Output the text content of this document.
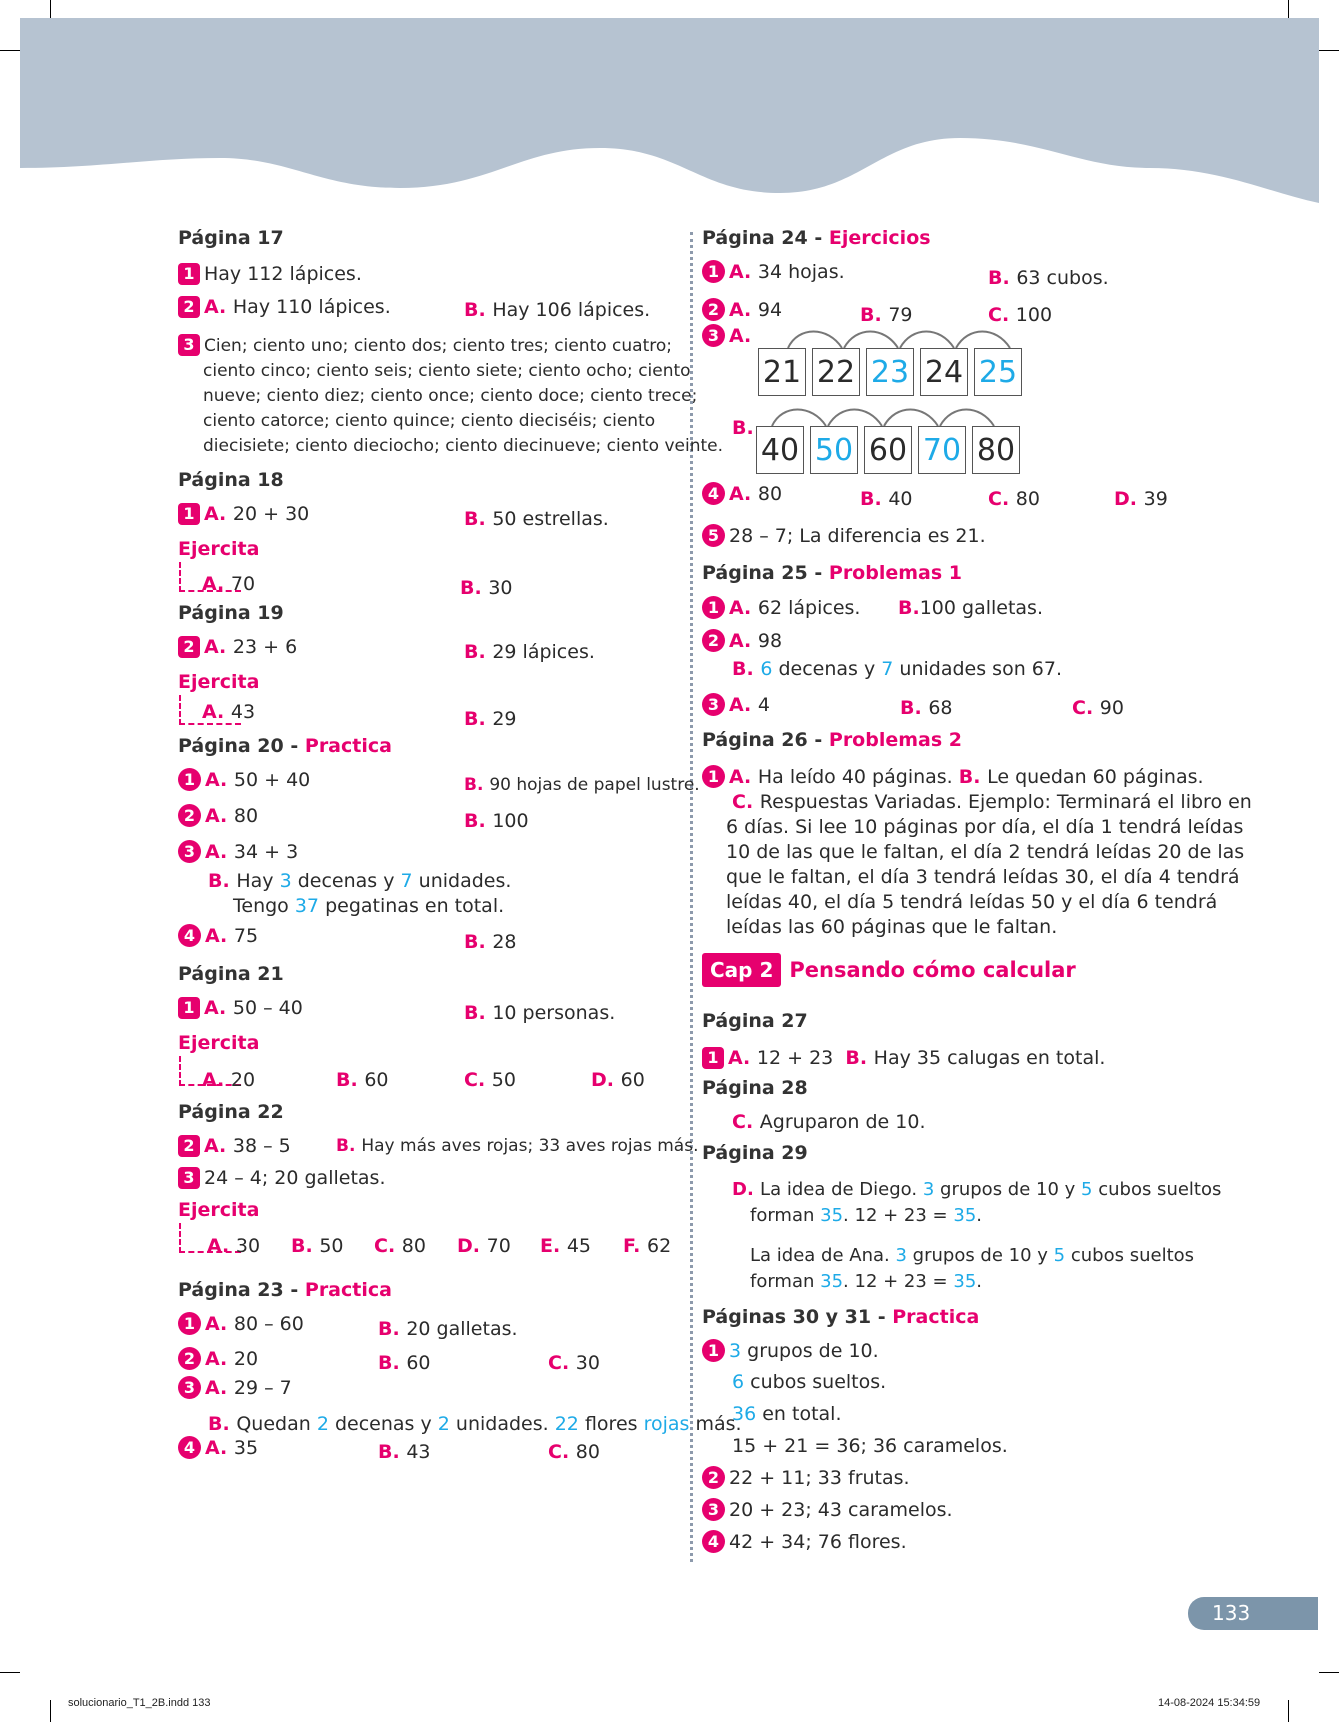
Página 17
1 Hay 112 lápices.
2 A. Hay 110 lápices.	B. Hay 106 lápices.
3 Cien; ciento uno; ciento dos; ciento tres; ciento cuatro;
ciento cinco; ciento seis; ciento siete; ciento ocho; ciento
nueve; ciento diez; ciento once; ciento doce; ciento trece;
ciento catorce; ciento quince; ciento dieciséis; ciento
diecisiete; ciento dieciocho; ciento diecinueve; ciento veinte.
Página 18
1 A. 20 + 30	B. 50 estrellas.
Ejercita
A. 70	B. 30
Página 19
2 A. 23 + 6	B. 29 lápices.
Ejercita
A. 43	B. 29
Página 20 - Practica
1 A. 50 + 40	B. 90 hojas de papel lustre.
2 A. 80	B. 100
3 A. 34 + 3
B. Hay 3 decenas y 7 unidades.
Tengo 37 pegatinas en total.
4 A. 75	B. 28
Página 21
1 A. 50 – 40	B. 10 personas.
Ejercita
A. 20	B. 60	C. 50	D. 60
Página 22
2 A. 38 – 5	B. Hay más aves rojas; 33 aves rojas más.
3 24 – 4; 20 galletas.
Ejercita
A. 30 B. 50 C. 80 D. 70 E. 45 F. 62
Página 23 - Practica
1 A. 80 – 60	B. 20 galletas.
2 A. 20	B. 60	C. 30
3 A. 29 – 7
B. Quedan 2 decenas y 2 unidades. 22 flores rojas más.
4 A. 35	B. 43	C. 80
Página 24 - Ejercicios
1 A. 34 hojas.	B. 63 cubos.
2 A. 94	B. 79	C. 100
3 A.
21 22 23 24 25
B.
40 50 60 70 80
4 A. 80	B. 40	C. 80	D. 39
5 28 – 7; La diferencia es 21.
Página 25 - Problemas 1
1 A. 62 lápices. B.100 galletas.
2 A. 98
B. 6 decenas y 7 unidades son 67.
3 A. 4	B. 68	C. 90
Página 26 - Problemas 2
1 A. Ha leído 40 páginas. B. Le quedan 60 páginas.
C. Respuestas Variadas. Ejemplo: Terminará el libro en
6 días. Si lee 10 páginas por día, el día 1 tendrá leídas
10 de las que le faltan, el día 2 tendrá leídas 20 de las
que le faltan, el día 3 tendrá leídas 30, el día 4 tendrá
leídas 40, el día 5 tendrá leídas 50 y el día 6 tendrá
leídas las 60 páginas que le faltan.
Página 27
1 A. 12 + 23 B. Hay 35 calugas en total.
Página 28
C. Agruparon de 10.
Página 29
D. La idea de Diego. 3 grupos de 10 y 5 cubos sueltos
forman 35. 12 + 23 = 35.
La idea de Ana. 3 grupos de 10 y 5 cubos sueltos
forman 35. 12 + 23 = 35.
Páginas 30 y 31 - Practica
1 3 grupos de 10.
6 cubos sueltos.
36 en total.
15 + 21 = 36; 36 caramelos.
2 22 + 11; 33 frutas.
3 20 + 23; 43 caramelos.
4 42 + 34; 76 flores.
Cap 2 Pensando cómo calcular
133
solucionario_T1_2B.indd 133	14-08-2024 15:34:59
